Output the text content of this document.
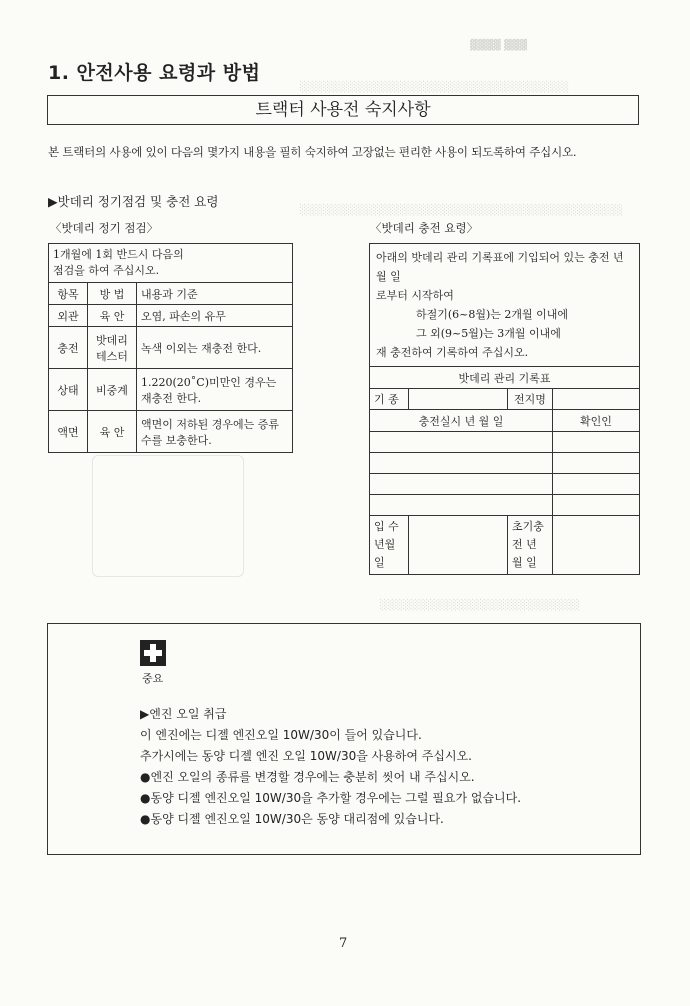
▓▓▓▓ ▓▓▓
░░░░░░░░░░░░░░░░░░░░░░░░░░░░░░░░░░░
░░░░░░░░░░░░░░░░░░░░░░░░░░░░░░░░░░░░░░░░░░
░░░░░░░░░░░░░░░░░░░░░░░░░░
1. 안전사용 요령과 방법
트랙터 사용전 숙지사항
본 트랙터의 사용에 있이 다음의 몇가지 내용을 필히 숙지하여 고장없는 편리한 사용이 되도록하여 주십시오.
▶밧데리 정기점검 및 충전 요령
〈밧데리 정기 점검〉	〈밧데리 충전 요령〉
1개월에 1회 반드시 다음의
점검을 하여 주십시오.		

항목	방 법	내용과 기준
외관	육 안	오염, 파손의 유무
충전	밧데리 테스터	녹색 이외는 재충전 한다.
상태	비중계	1.220(20˚C)미만인 경우는 재충전 한다.
액면	육 안	액면이 저하된 경우에는 증류수를 보충한다.
아래의 밧데리 관리 기록표에 기입되어 있는 충전 년 월 일
로부터 시작하여
하절기(6~8월)는 2개월 이내에
그 외(9~5월)는 3개월 이내에
재 충전하여 기록하여 주십시오.			

밧데리 관리 기록표			
기 종		전지명	
충전실시 년 월 일			확인인

입 수 년월일		초기충전 년 월 일	
중요
▶엔진 오일 취급
이 엔진에는 디젤 엔진오일 10W/30이 들어 있습니다.
추가시에는 동양 디젤 엔진 오일 10W/30을 사용하여 주십시오.
●엔진 오일의 종류를 변경할 경우에는 충분히 씻어 내 주십시오.
●동양 디젤 엔진오일 10W/30을 추가할 경우에는 그럴 필요가 없습니다.
●동양 디젤 엔진오일 10W/30은 동양 대리점에 있습니다.
7
